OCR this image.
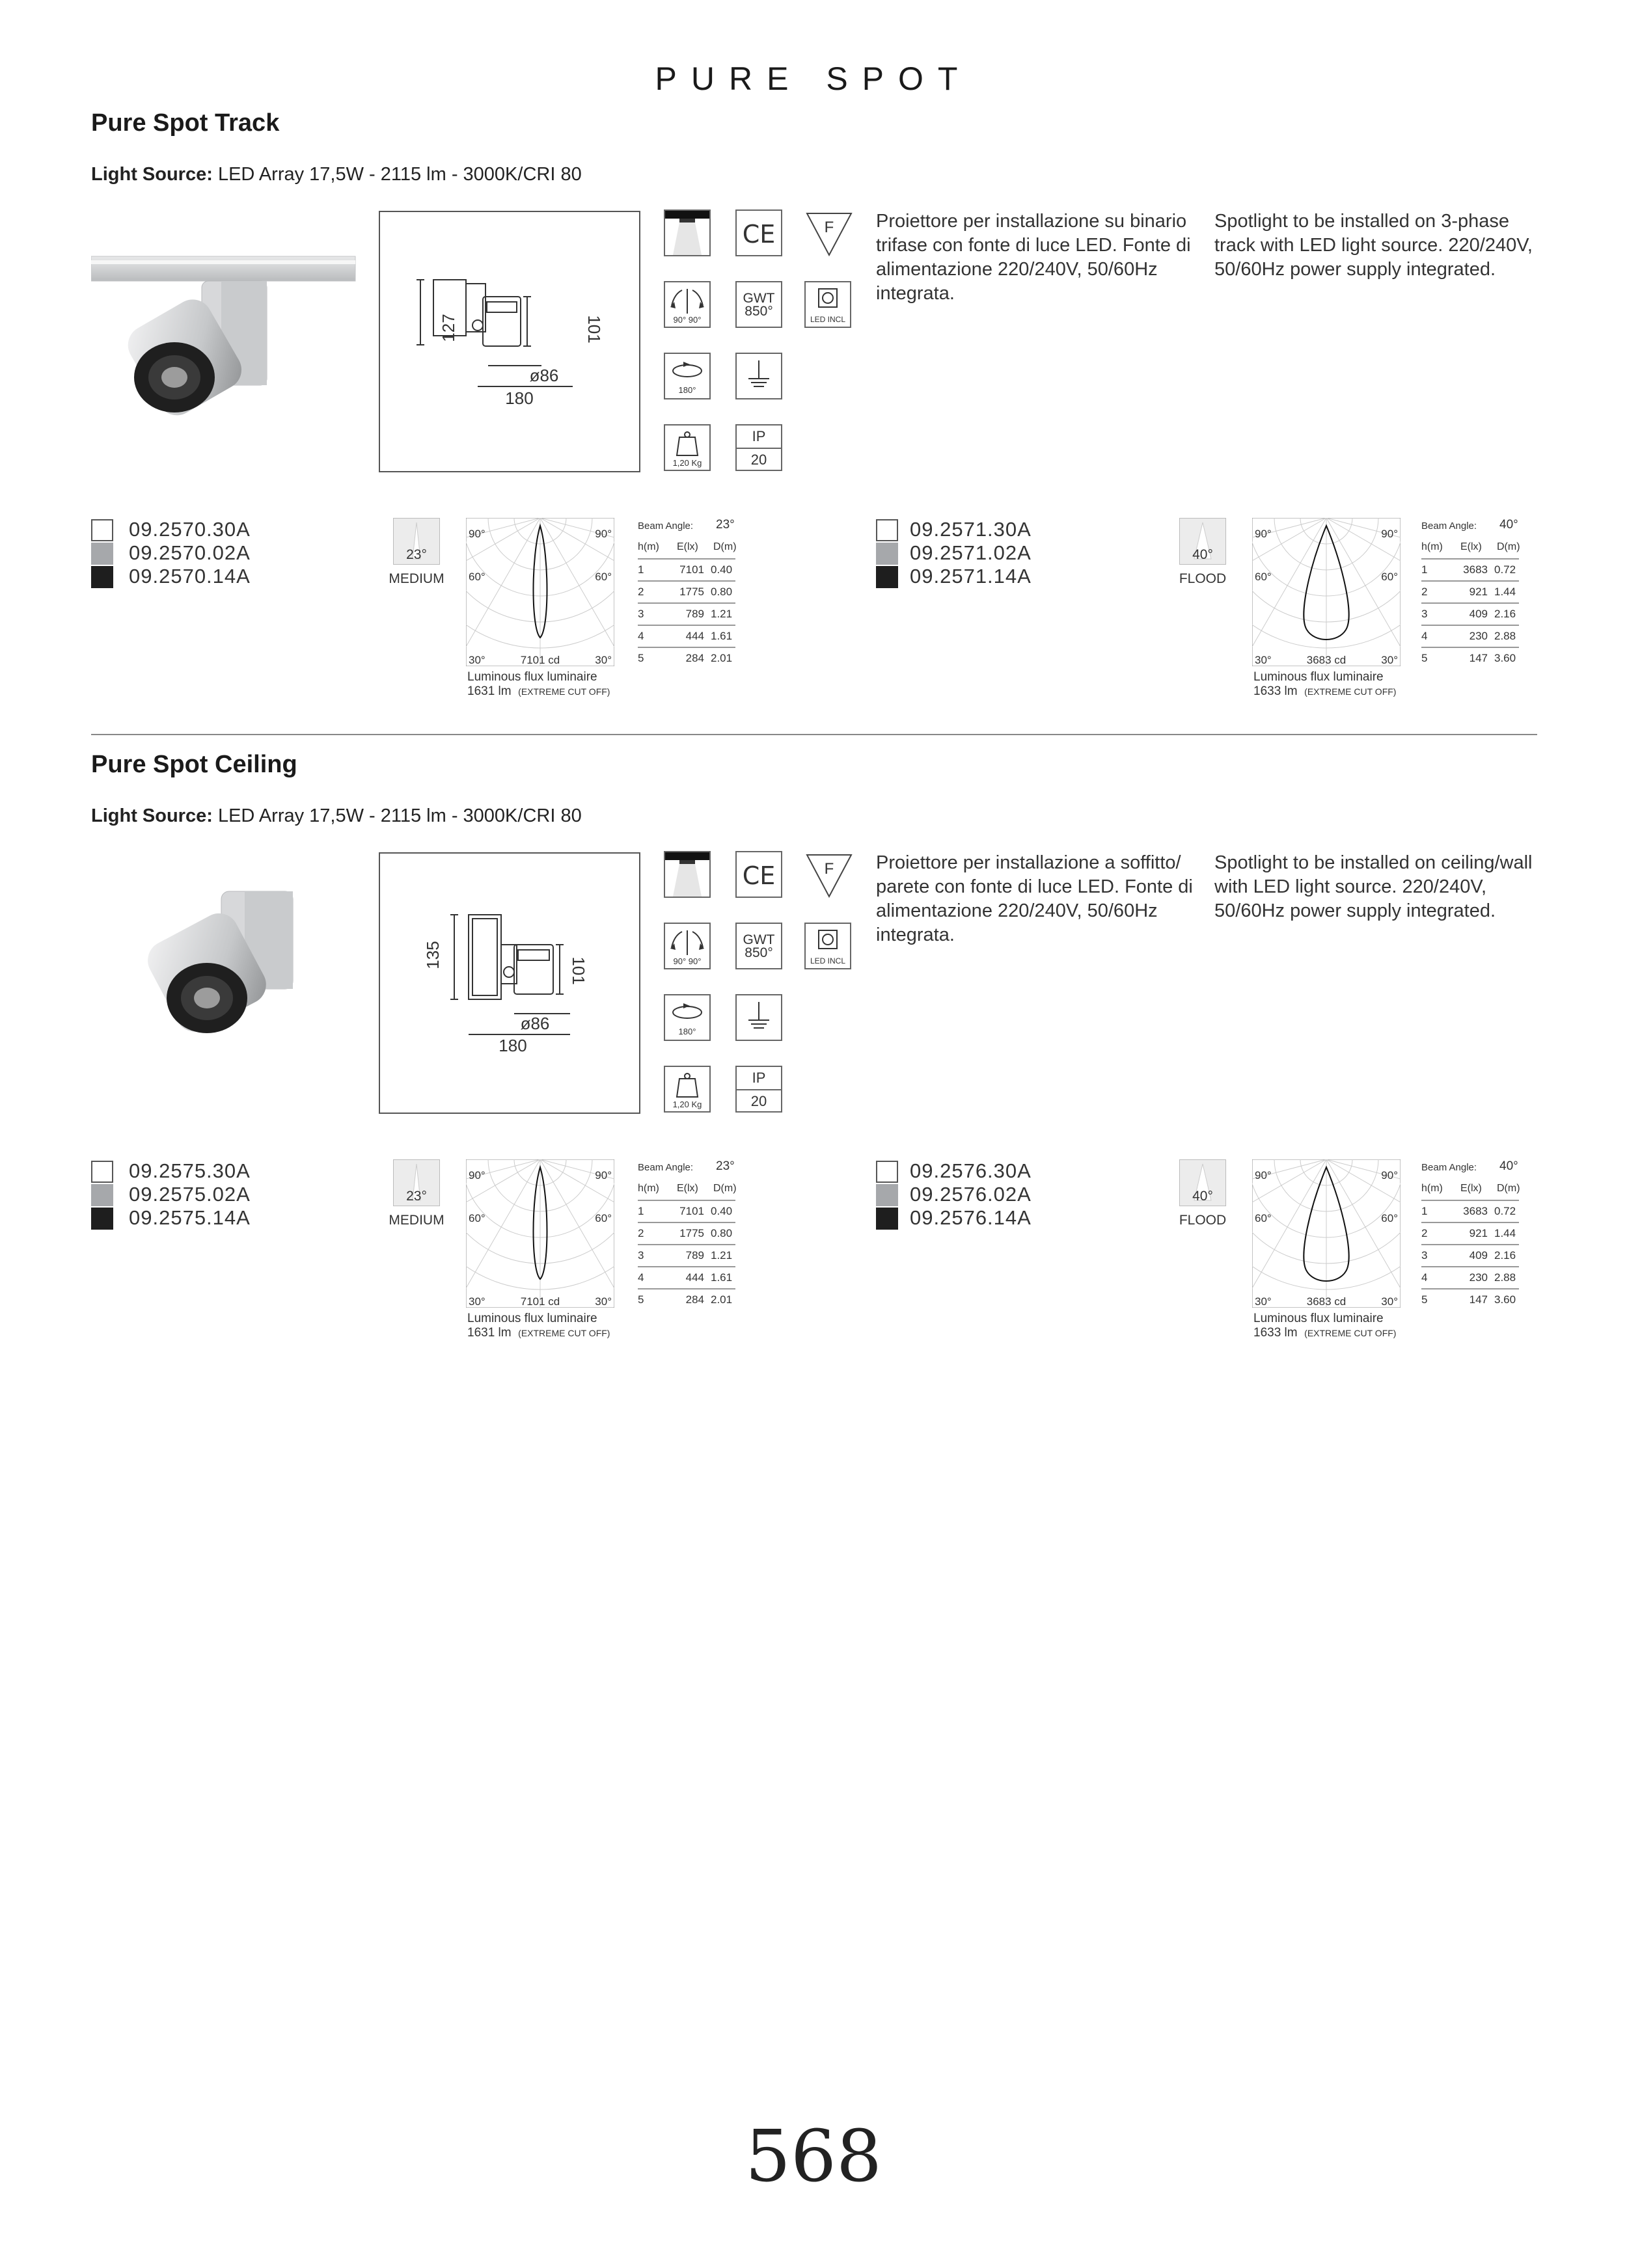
PURE SPOT
Pure Spot Track
Light Source: LED Array 17,5W - 2115 lm - 3000K/CRI 80
127	101
ø86
180
CE	F
90° 90°
GWT
850°
LED INCL
180°
1,20 Kg
IP
20
Proiettore per installazione su binario trifase con fonte di luce LED. Fonte di alimentazione 220/240V, 50/60Hz integrata.
Spotlight to be installed on 3-phase track with LED light source. 220/240V, 50/60Hz power supply integrated.
09.2570.30A
09.2570.02A
09.2570.14A
23°
MEDIUM
90°	90°
60°	60°
30°	30°
7101 cd
Luminous flux luminaire
1631 lm (EXTREME CUT OFF)
Beam Angle: 23°
h(m) E(lx) D(m)
1	7101 0.40
2	1775 0.80
3	789 1.21
4	444 1.61
5	284 2.01
09.2571.30A
09.2571.02A
09.2571.14A
40°
FLOOD
90°	90°
60°	60°
30°	30°
3683 cd
Luminous flux luminaire
1633 lm (EXTREME CUT OFF)
Beam Angle: 40°
h(m) E(lx) D(m)
1	3683 0.72
2	921 1.44
3	409 2.16
4	230 2.88
5	147 3.60
Pure Spot Ceiling
Light Source: LED Array 17,5W - 2115 lm - 3000K/CRI 80
135
101
ø86
180
CE	F
90° 90°
GWT
850°
LED INCL
180°
1,20 Kg
IP
20
Proiettore per installazione a soffitto/ parete con fonte di luce LED. Fonte di alimentazione 220/240V, 50/60Hz integrata.
Spotlight to be installed on ceiling/wall with LED light source. 220/240V, 50/60Hz power supply integrated.
09.2575.30A
09.2575.02A
09.2575.14A
23°
MEDIUM
90°	90°
60°	60°
30°	30°
7101 cd
Luminous flux luminaire
1631 lm (EXTREME CUT OFF)
Beam Angle: 23°
h(m) E(lx) D(m)
1	7101 0.40
2	1775 0.80
3	789 1.21
4	444 1.61
5	284 2.01
09.2576.30A
09.2576.02A
09.2576.14A
40°
FLOOD
90°	90°
60°	60°
30°	30°
3683 cd
Luminous flux luminaire
1633 lm (EXTREME CUT OFF)
Beam Angle: 40°
h(m) E(lx) D(m)
1	3683 0.72
2	921 1.44
3	409 2.16
4	230 2.88
5	147 3.60
568
